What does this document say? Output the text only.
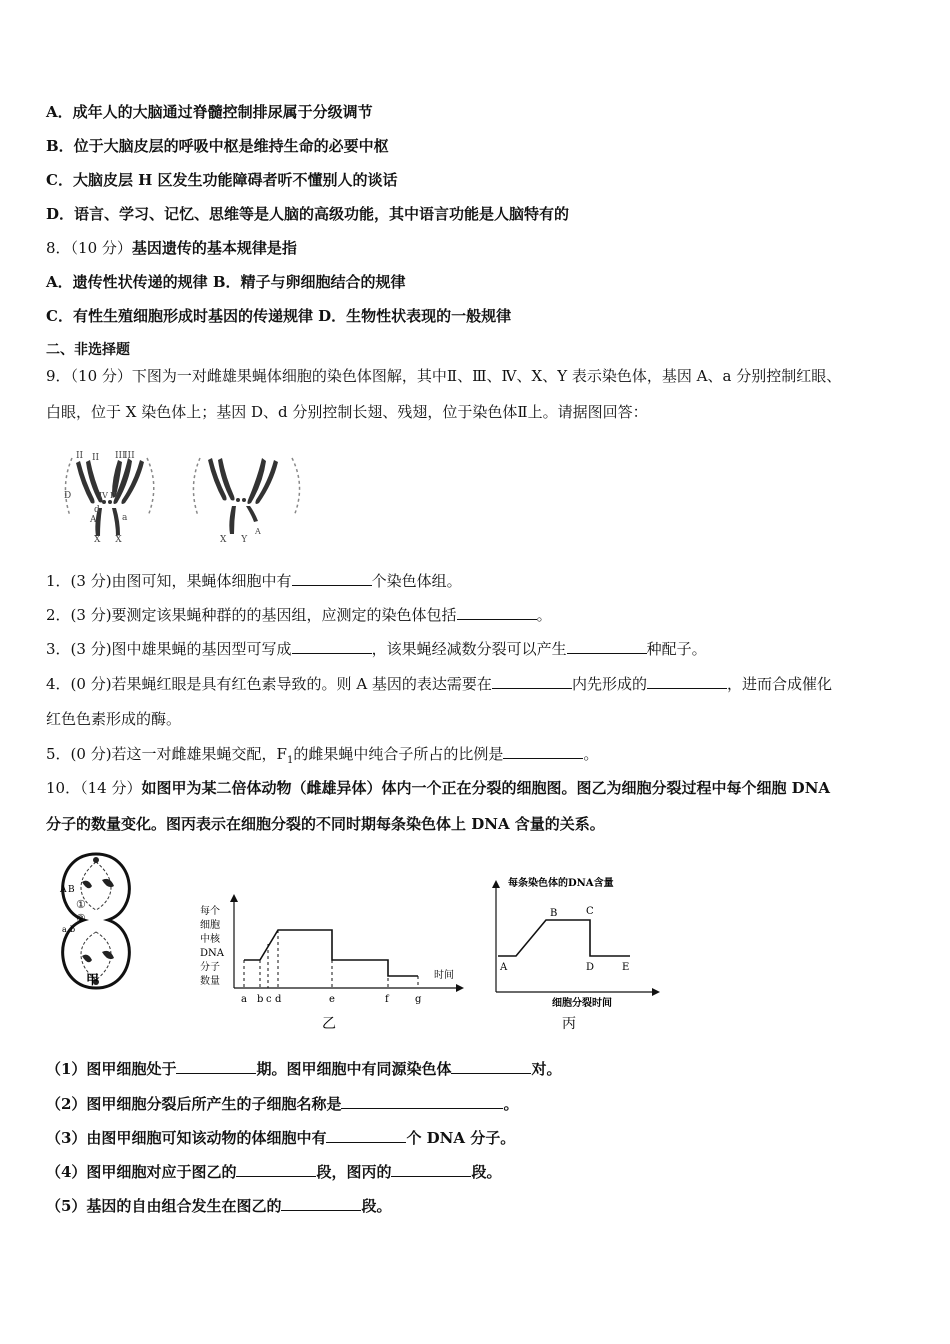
A．成年人的大脑通过脊髓控制排尿属于分级调节
B．位于大脑皮层的呼吸中枢是维持生命的必要中枢
C．大脑皮层 H 区发生功能障碍者听不懂别人的谈话
D．语言、学习、记忆、思维等是人脑的高级功能，其中语言功能是人脑特有的
8．（10 分）基因遗传的基本规律是指
A．遗传性状传递的规律 B．精子与卵细胞结合的规律
C．有性生殖细胞形成时基因的传递规律 D．生物性状表现的一般规律
二、非选择题
9．（10 分）下图为一对雌雄果蝇体细胞的染色体图解，其中Ⅱ、Ⅲ、Ⅳ、X、Y 表示染色体，基因 A、a 分别控制红眼、
白眼，位于 X 染色体上；基因 D、d 分别控制长翅、残翅，位于染色体Ⅱ上。请据图回答：
II II III
III
IV IV
D
d
A	a
X X
A
X Y
1．(3 分)由图可知，果蝇体细胞中有	个染色体组。
2．(3 分)要测定该果蝇种群的的基因组，应测定的染色体包括	。
3．(3 分)图中雄果蝇的基因型可写成	，该果蝇经减数分裂可以产生	种配子。
4．(0 分)若果蝇红眼是具有红色素导致的。则 A 基因的表达需要在	内先形成的	，进而合成催化
红色色素形成的酶。
5．(0 分)若这一对雌雄果蝇交配，$F_1$的雌果蝇中纯合子所占的比例是	。
10．（14 分）如图甲为某二倍体动物（雌雄异体）体内一个正在分裂的细胞图。图乙为细胞分裂过程中每个细胞 DNA
分子的数量变化。图丙表示在细胞分裂的不同时期每条染色体上 DNA 含量的关系。
A B
①
②
a b
甲
每个
细胞
中核
DNA
分子
数量
时间
a b c d	e	f	g
乙
每条染色体的DNA含量
A
B	C
D	E
细胞分裂时间
丙
（1）图甲细胞处于	期。图甲细胞中有同源染色体	对。
（2）图甲细胞分裂后所产生的子细胞名称是	。
（3）由图甲细胞可知该动物的体细胞中有	个 DNA 分子。
（4）图甲细胞对应于图乙的	段，图丙的	段。
（5）基因的自由组合发生在图乙的	段。
